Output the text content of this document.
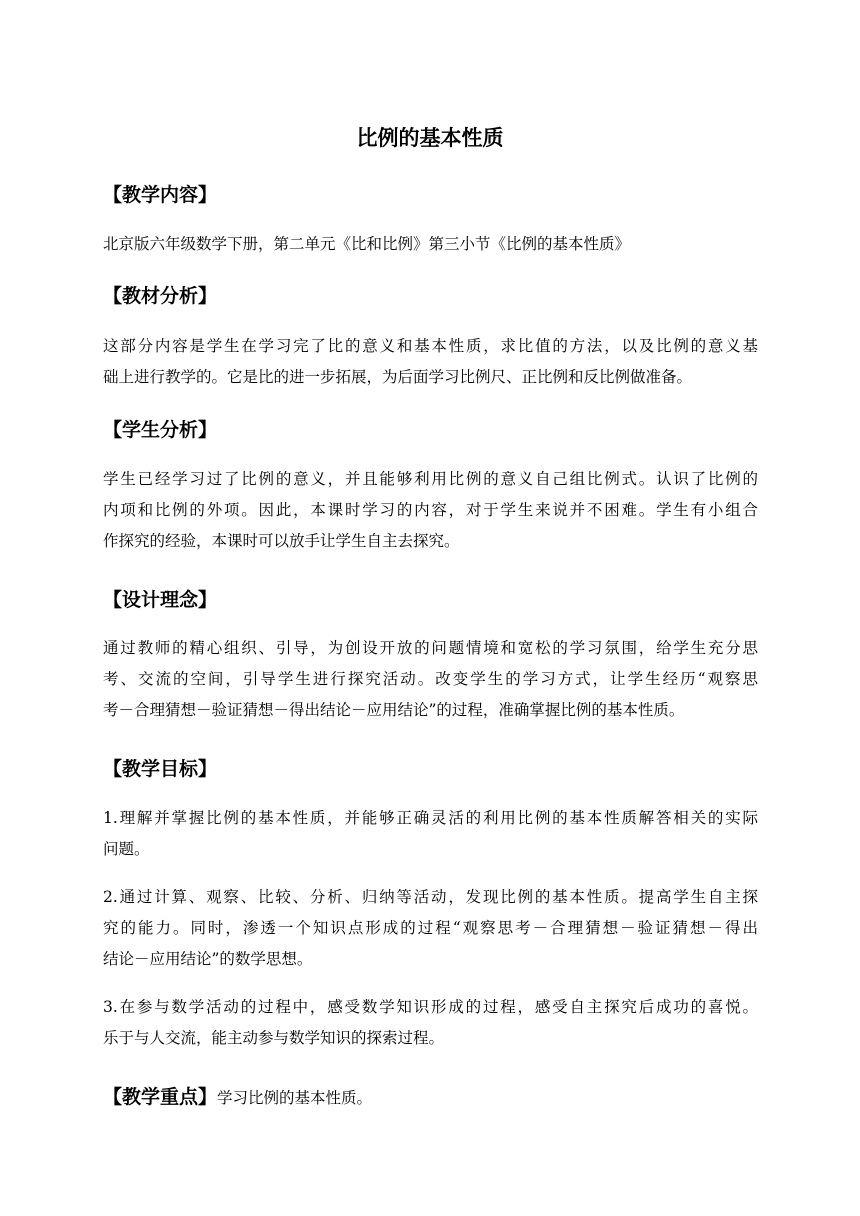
比例的基本性质
【教学内容】
北京版六年级数学下册，第二单元《比和比例》第三小节《比例的基本性质》
【教材分析】
这部分内容是学生在学习完了比的意义和基本性质，求比值的方法，以及比例的意义基
础上进行教学的。它是比的进一步拓展，为后面学习比例尺、正比例和反比例做准备。
【学生分析】
学生已经学习过了比例的意义，并且能够利用比例的意义自己组比例式。认识了比例的
内项和比例的外项。因此，本课时学习的内容，对于学生来说并不困难。学生有小组合
作探究的经验，本课时可以放手让学生自主去探究。
【设计理念】
通过教师的精心组织、引导，为创设开放的问题情境和宽松的学习氛围，给学生充分思
考、交流的空间，引导学生进行探究活动。改变学生的学习方式，让学生经历“观察思
考－合理猜想－验证猜想－得出结论－应用结论”的过程，准确掌握比例的基本性质。
【教学目标】
1.理解并掌握比例的基本性质，并能够正确灵活的利用比例的基本性质解答相关的实际
问题。
2.通过计算、观察、比较、分析、归纳等活动，发现比例的基本性质。提高学生自主探
究的能力。同时，渗透一个知识点形成的过程“观察思考－合理猜想－验证猜想－得出
结论－应用结论”的数学思想。
3.在参与数学活动的过程中，感受数学知识形成的过程，感受自主探究后成功的喜悦。
乐于与人交流，能主动参与数学知识的探索过程。
【教学重点】学习比例的基本性质。
